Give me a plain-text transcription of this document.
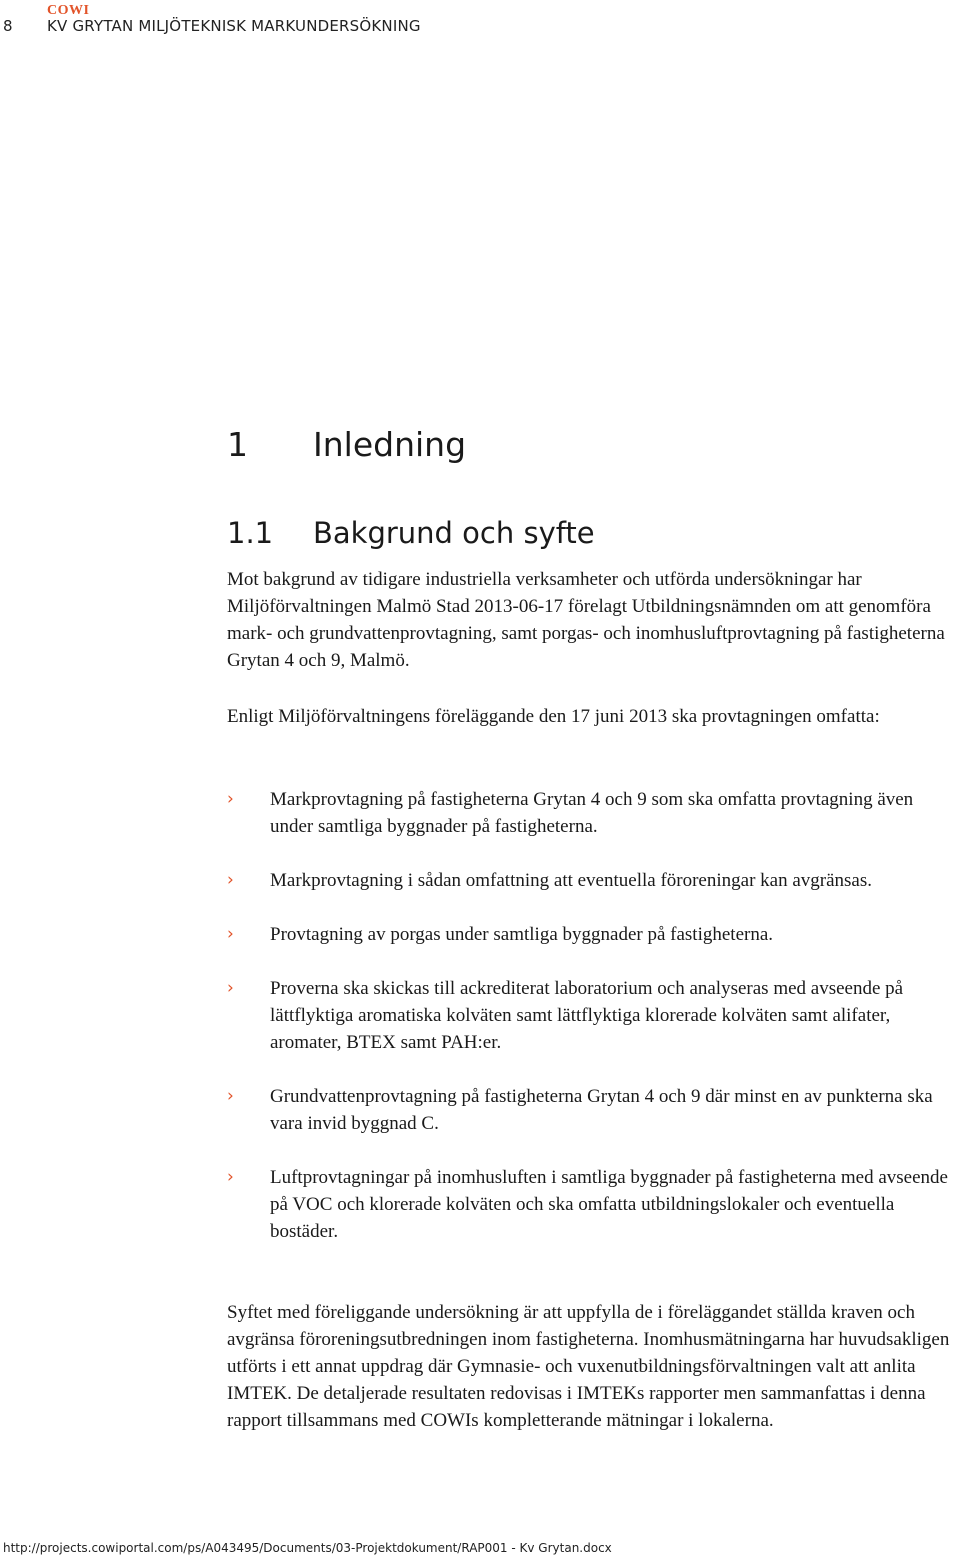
8
COWI
KV GRYTAN MILJÖTEKNISK MARKUNDERSÖKNING
1 Inledning
1.1 Bakgrund och syfte

Mot bakgrund av tidigare industriella verksamheter och utförda undersökningar har Miljöförvaltningen Malmö Stad 2013-06-17 förelagt Utbildningsnämnden om att genomföra mark- och grundvattenprovtagning, samt porgas- och inomhusluftprovtagning på fastigheterna Grytan 4 och 9, Malmö.

Enligt Miljöförvaltningens föreläggande den 17 juni 2013 ska provtagningen omfatta:

› Markprovtagning på fastigheterna Grytan 4 och 9 som ska omfatta provtagning även under samtliga byggnader på fastigheterna.
› Markprovtagning i sådan omfattning att eventuella föroreningar kan avgränsas.
› Provtagning av porgas under samtliga byggnader på fastigheterna.
› Proverna ska skickas till ackrediterat laboratorium och analyseras med avseende på lättflyktiga aromatiska kolväten samt lättflyktiga klorerade kolväten samt alifater, aromater, BTEX samt PAH:er.
› Grundvattenprovtagning på fastigheterna Grytan 4 och 9 där minst en av punkterna ska vara invid byggnad C.
› Luftprovtagningar på inomhusluften i samtliga byggnader på fastigheterna med avseende på VOC och klorerade kolväten och ska omfatta utbildningslokaler och eventuella bostäder.

Syftet med föreliggande undersökning är att uppfylla de i föreläggandet ställda kraven och avgränsa föroreningsutbredningen inom fastigheterna. Inomhusmätningarna har huvudsakligen utförts i ett annat uppdrag där Gymnasie- och vuxenutbildningsförvaltningen valt att anlita IMTEK. De detaljerade resultaten redovisas i IMTEKs rapporter men sammanfattas i denna rapport tillsammans med COWIs kompletterande mätningar i lokalerna.

http://projects.cowiportal.com/ps/A043495/Documents/03-Projektdokument/RAP001 - Kv Grytan.docx
